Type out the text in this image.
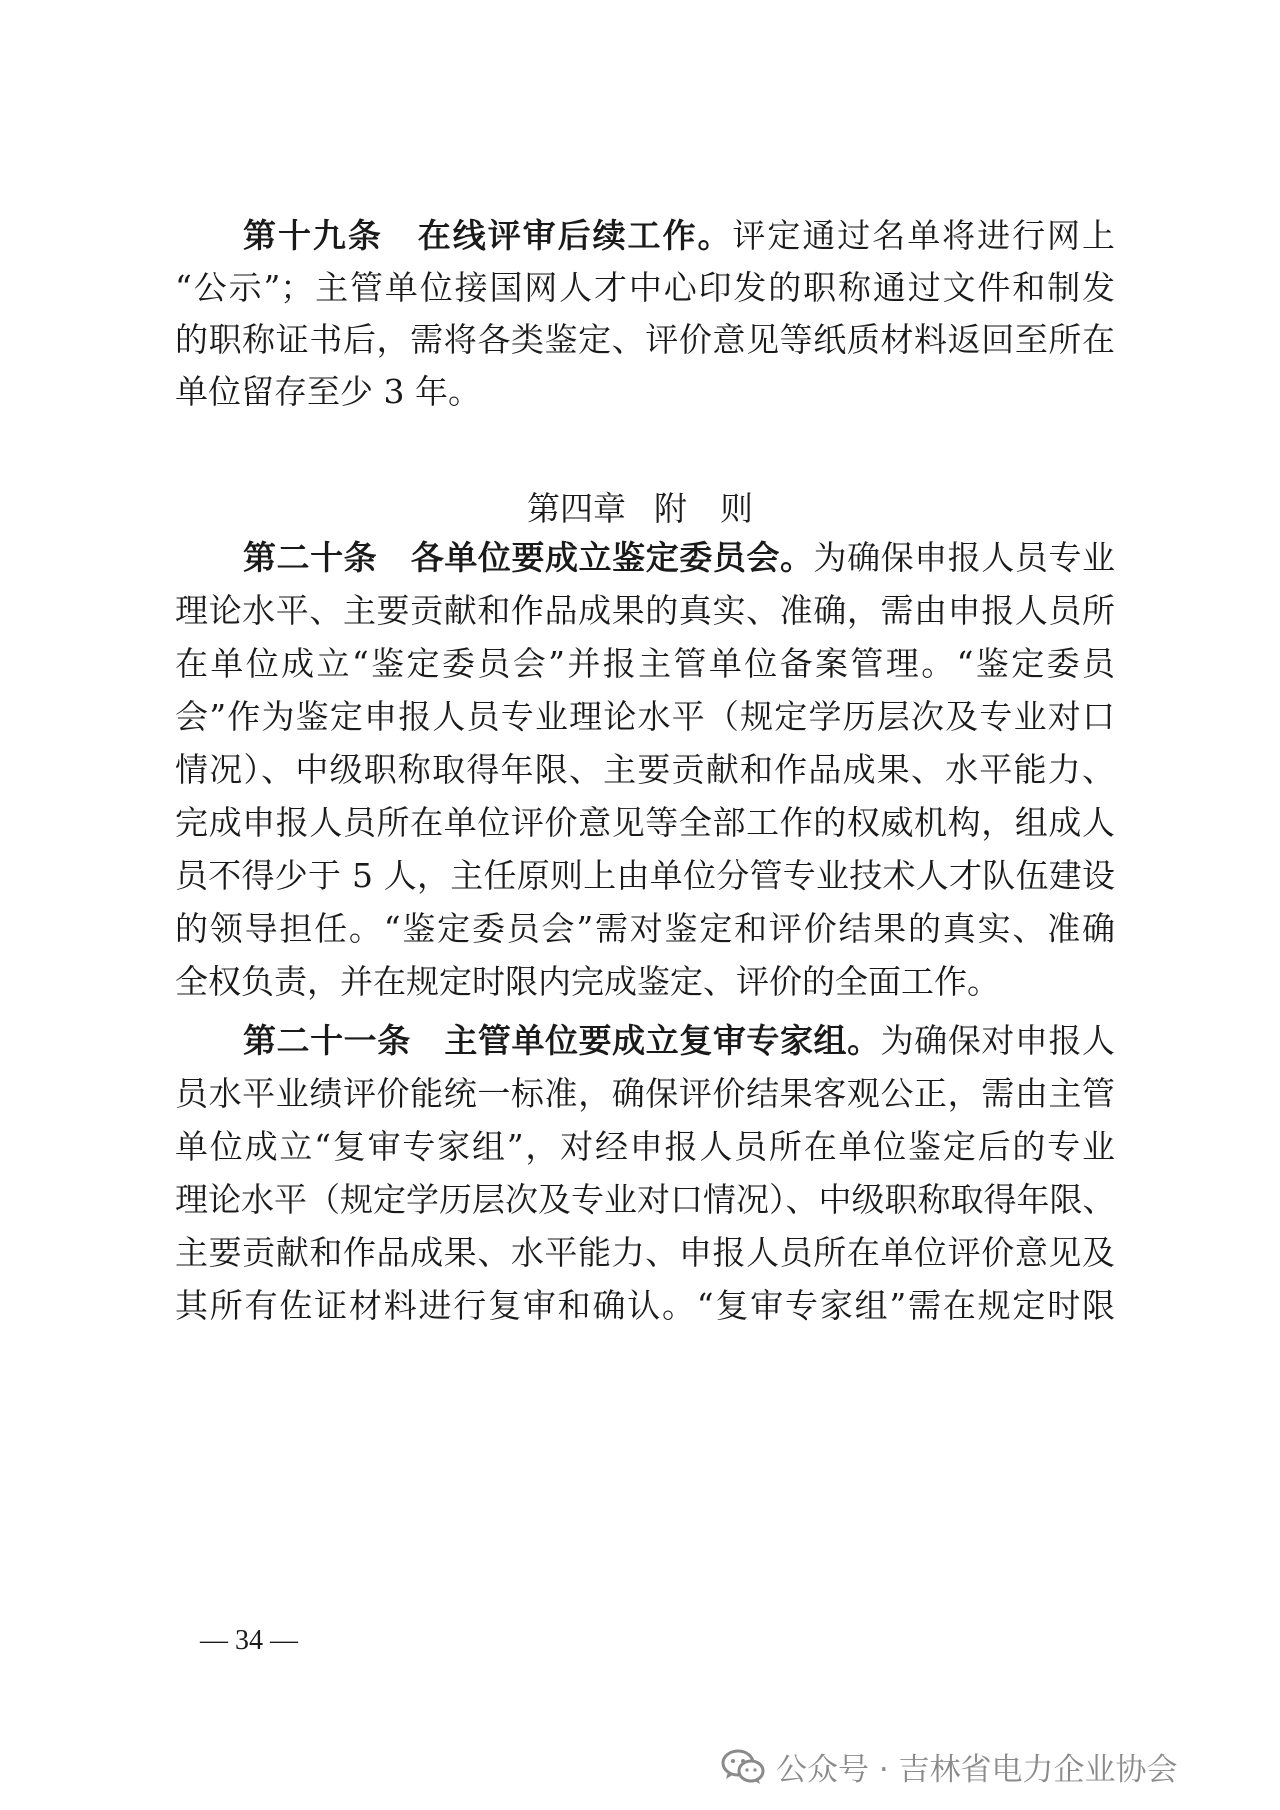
第十九条　在线评审后续工作。评定通过名单将进行网上
“公示”；主管单位接国网人才中心印发的职称通过文件和制发
的职称证书后，需将各类鉴定、评价意见等纸质材料返回至所在
单位留存至少 3 年。
第四章 附　则
第二十条　各单位要成立鉴定委员会。为确保申报人员专业
理论水平、主要贡献和作品成果的真实、准确，需由申报人员所
在单位成立“鉴定委员会”并报主管单位备案管理。“鉴定委员
会”作为鉴定申报人员专业理论水平（规定学历层次及专业对口
情况）、中级职称取得年限、主要贡献和作品成果、水平能力、
完成申报人员所在单位评价意见等全部工作的权威机构，组成人
员不得少于 5 人，主任原则上由单位分管专业技术人才队伍建设
的领导担任。“鉴定委员会”需对鉴定和评价结果的真实、准确
全权负责，并在规定时限内完成鉴定、评价的全面工作。
第二十一条　主管单位要成立复审专家组。为确保对申报人
员水平业绩评价能统一标准，确保评价结果客观公正，需由主管
单位成立“复审专家组”，对经申报人员所在单位鉴定后的专业
理论水平（规定学历层次及专业对口情况）、中级职称取得年限、
主要贡献和作品成果、水平能力、申报人员所在单位评价意见及
其所有佐证材料进行复审和确认。“复审专家组”需在规定时限
— 34 —
公众号 · 吉林省电力企业协会
